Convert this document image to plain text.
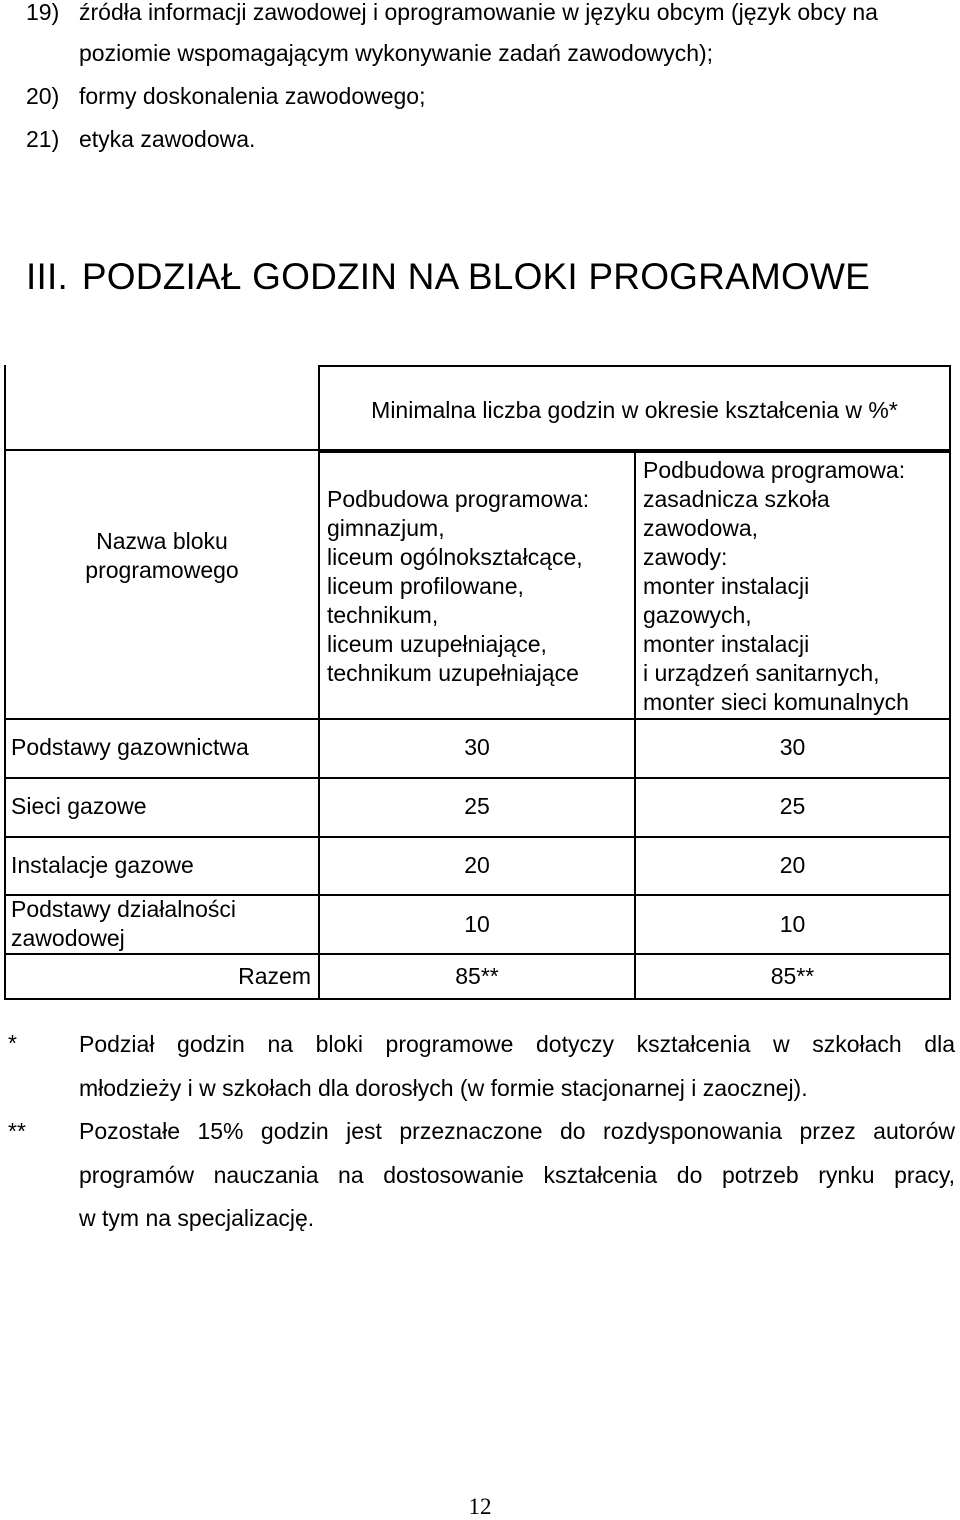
19) źródła informacji zawodowej i oprogramowanie w języku obcym (język obcy na
poziomie wspomagającym wykonywanie zadań zawodowych);
20) formy doskonalenia zawodowego;
21) etyka zawodowa.
III. PODZIAŁ GODZIN NA BLOKI PROGRAMOWE
Minimalna liczba godzin w okresie kształcenia w %*
Nazwa bloku
programowego
Podbudowa programowa:
gimnazjum,
liceum ogólnokształcące,
liceum profilowane,
technikum,
liceum uzupełniające,
technikum uzupełniające
Podbudowa programowa:
zasadnicza szkoła
zawodowa,
zawody:
monter instalacji
gazowych,
monter instalacji
i urządzeń sanitarnych,
monter sieci komunalnych
Podstawy gazownictwa	30	30
Sieci gazowe	25	25
Instalacje gazowe	20	20
Podstawy działalności
zawodowej
10	10
Razem	85**	85**
*	Podział godzin na bloki programowe dotyczy kształcenia w szkołach dla
młodzieży i w szkołach dla dorosłych (w formie stacjonarnej i zaocznej).
** Pozostałe 15% godzin jest przeznaczone do rozdysponowania przez autorów
programów nauczania na dostosowanie kształcenia do potrzeb rynku pracy,
w tym na specjalizację.
12
